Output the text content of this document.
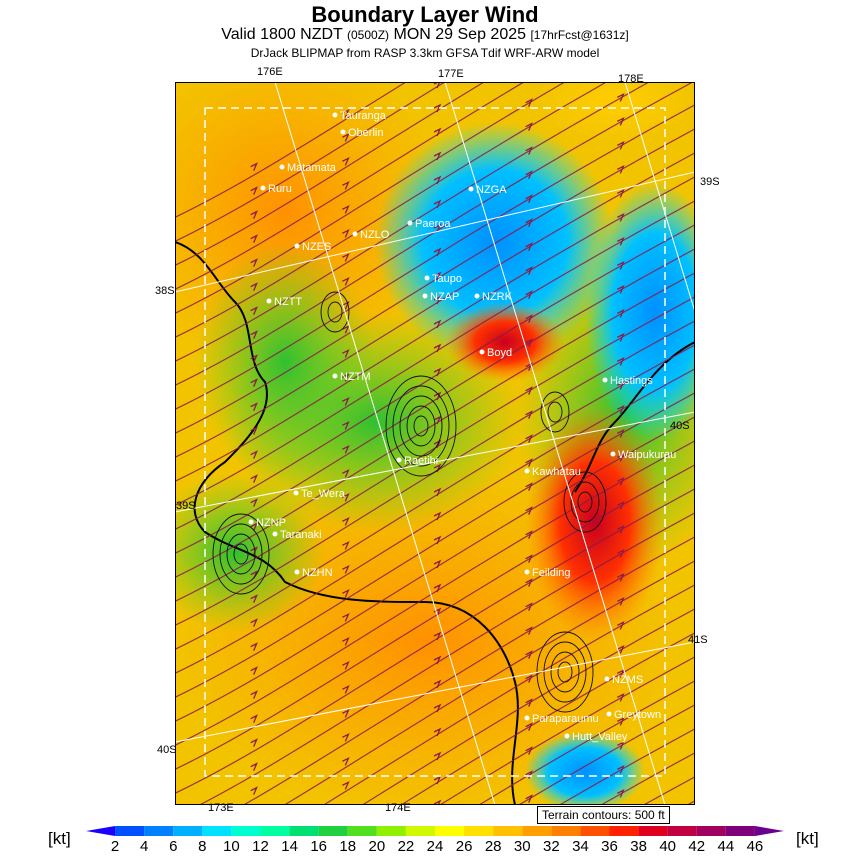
Boundary Layer Wind
Valid 1800 NZDT (0500Z) MON 29 Sep 2025 [17hrFcst@1631z]
DrJack BLIPMAP from RASP 3.3km GFSA Tdif WRF-ARW model
Tauranga
Oberlin
Matamata
Ruru	NZGA
Paeroa
NZLO
NZES
Taupo
NZAP NZRK
NZTT
Boyd
NZTM	Hastings
Waipukurau
Raetihi
Kawhatau
Te_Wera
NZNP
Taranaki
NZHN	Feilding
NZMS
Greytown
Paraparaumu
Hutt_Valley
176E	177E	178E
173E	174E
38S
39S
40S
39S
40S
41S
Terrain contours: 500 ft
[kt]	[kt]
2	4	6	8	10 12 14 16 18 20 22 24 26 28 30 32 34 36 38 40 42 44 46
